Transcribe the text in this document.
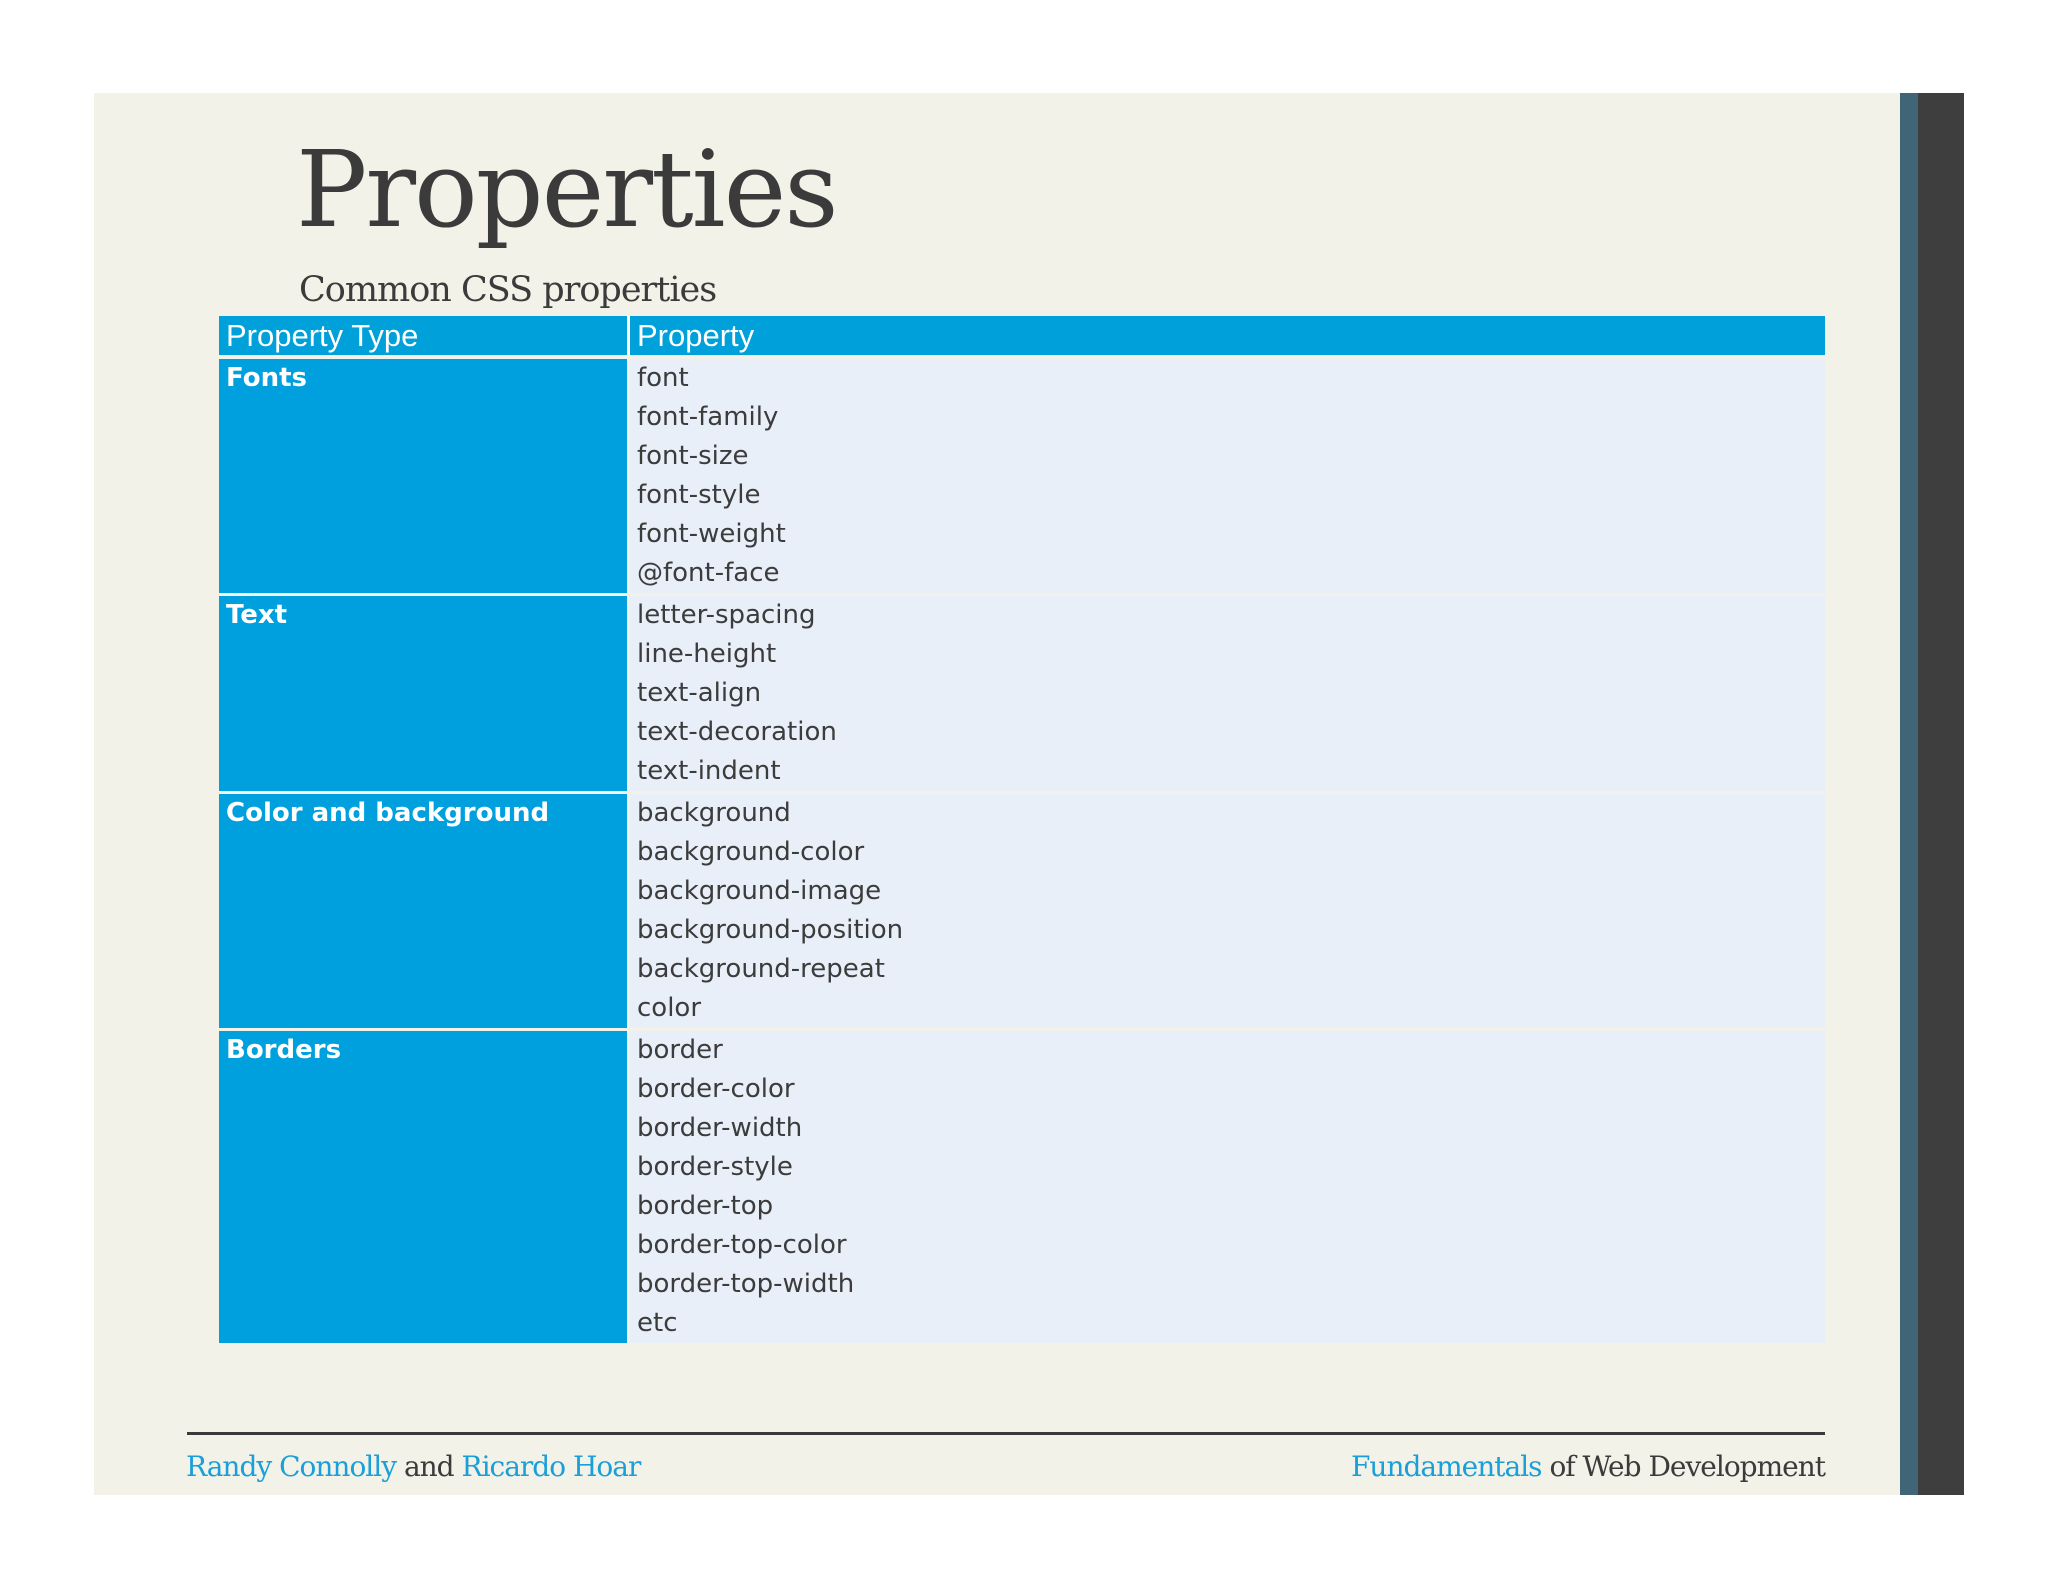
Properties
Common CSS properties
Property Type	Property
Fonts	font
font-family
font-size
font-style
font-weight
@font-face
Text	letter-spacing
line-height
text-align
text-decoration
text-indent
Color and background	background
background-color
background-image
background-position
background-repeat
color
Borders	border
border-color
border-width
border-style
border-top
border-top-color
border-top-width
etc
Randy Connolly and Ricardo Hoar	Fundamentals of Web Development
